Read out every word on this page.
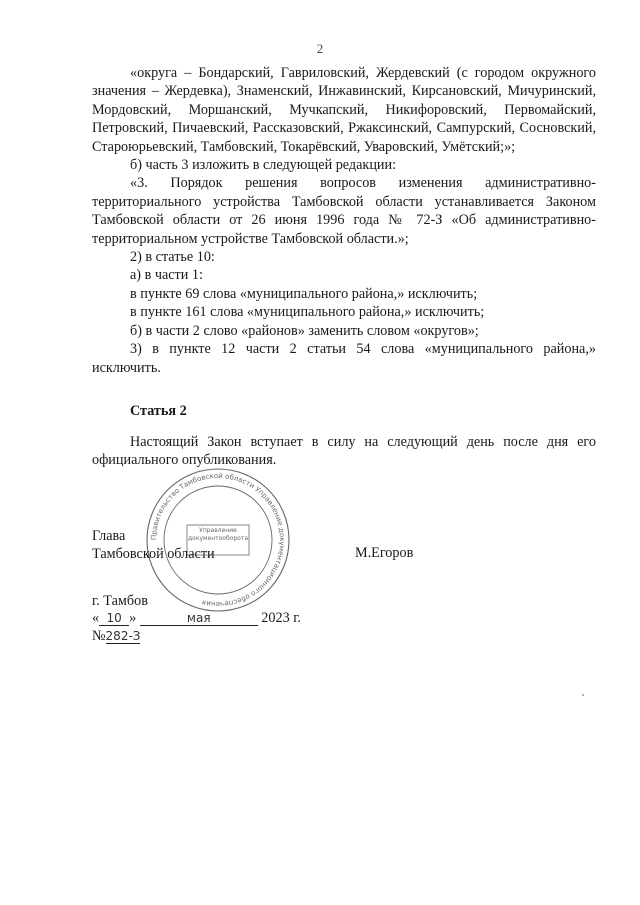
2

«округа – Бондарский, Гавриловский, Жердевский (с городом окружного значения – Жердевка), Знаменский, Инжавинский, Кирсановский, Мичуринский, Мордовский, Моршанский, Мучкапский, Никифоровский, Первомайский, Петровский, Пичаевский, Рассказовский, Ржаксинский, Сампурский, Сосновский, Староюрьевский, Тамбовский, Токарёвский, Уваровский, Умётский;»;

б) часть 3 изложить в следующей редакции:

«3. Порядок решения вопросов изменения административно-территориального устройства Тамбовской области устанавливается Законом Тамбовской области от 26 июня 1996 года № 72-З «Об административно-территориальном устройстве Тамбовской области.»;

2) в статье 10:

а) в части 1:

в пункте 69 слова «муниципального района,» исключить;

в пункте 161 слова «муниципального района,» исключить;

б) в части 2 слово «районов» заменить словом «округов»;

3) в пункте 12 части 2 статьи 54 слова «муниципального района,» исключить.

Статья 2
Настоящий Закон вступает в силу на следующий день после дня его официального опубликования.
Правительство Тамбовской области Управление документационного обеспечения
Управление документооборота
Глава
Тамбовской области	М.Егоров
г. Тамбов
« 10 »	мая	2023 г.
№282-З
